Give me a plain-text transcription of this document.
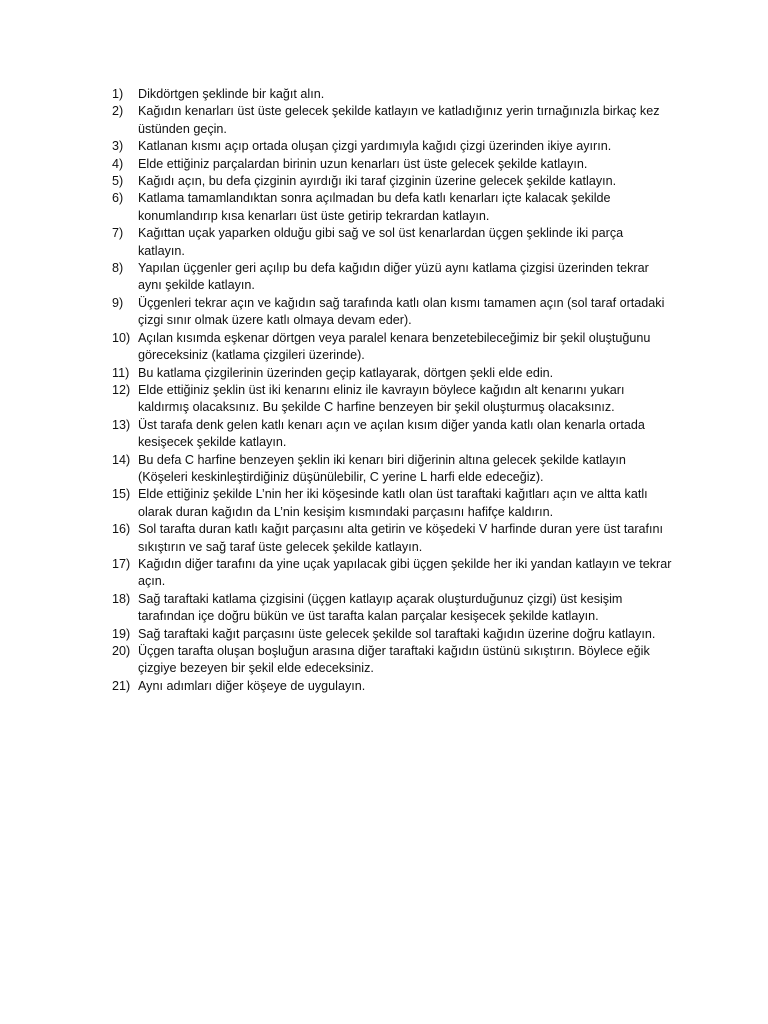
1)	Dikdörtgen şeklinde bir kağıt alın.
2)	Kağıdın kenarları üst üste gelecek şekilde katlayın ve katladığınız yerin tırnağınızla birkaç kez üstünden geçin.
3)	Katlanan kısmı açıp ortada oluşan çizgi yardımıyla kağıdı çizgi üzerinden ikiye ayırın.
4)	Elde ettiğiniz parçalardan birinin uzun kenarları üst üste gelecek şekilde katlayın.
5)	Kağıdı açın, bu defa çizginin ayırdığı iki taraf çizginin üzerine gelecek şekilde katlayın.
6)	Katlama tamamlandıktan sonra açılmadan bu defa katlı kenarları içte kalacak şekilde konumlandırıp kısa kenarları üst üste getirip tekrardan katlayın.
7)	Kağıttan uçak yaparken olduğu gibi sağ ve sol üst kenarlardan üçgen şeklinde iki parça katlayın.
8)	Yapılan üçgenler geri açılıp bu defa kağıdın diğer yüzü aynı katlama çizgisi üzerinden tekrar aynı şekilde katlayın.
9)	Üçgenleri tekrar açın ve kağıdın sağ tarafında katlı olan kısmı tamamen açın (sol taraf ortadaki çizgi sınır olmak üzere katlı olmaya devam eder).
10) Açılan kısımda eşkenar dörtgen veya paralel kenara benzetebileceğimiz bir şekil oluştuğunu göreceksiniz (katlama çizgileri üzerinde).
11) Bu katlama çizgilerinin üzerinden geçip katlayarak, dörtgen şekli elde edin.
12) Elde ettiğiniz şeklin üst iki kenarını eliniz ile kavrayın böylece kağıdın alt kenarını yukarı kaldırmış olacaksınız. Bu şekilde C harfine benzeyen bir şekil oluşturmuş olacaksınız.
13) Üst tarafa denk gelen katlı kenarı açın ve açılan kısım diğer yanda katlı olan kenarla ortada kesişecek şekilde katlayın.
14) Bu defa C harfine benzeyen şeklin iki kenarı biri diğerinin altına gelecek şekilde katlayın (Köşeleri keskinleştirdiğiniz düşünülebilir, C yerine L harfi elde edeceğiz).
15) Elde ettiğiniz şekilde L’nin her iki köşesinde katlı olan üst taraftaki kağıtları açın ve altta katlı olarak duran kağıdın da L’nin kesişim kısmındaki parçasını hafifçe kaldırın.
16) Sol tarafta duran katlı kağıt parçasını alta getirin ve köşedeki V harfinde duran yere üst tarafını sıkıştırın ve sağ taraf üste gelecek şekilde katlayın.
17) Kağıdın diğer tarafını da yine uçak yapılacak gibi üçgen şekilde her iki yandan katlayın ve tekrar açın.
18) Sağ taraftaki katlama çizgisini (üçgen katlayıp açarak oluşturduğunuz çizgi) üst kesişim tarafından içe doğru bükün ve üst tarafta kalan parçalar kesişecek şekilde katlayın.
19) Sağ taraftaki kağıt parçasını üste gelecek şekilde sol taraftaki kağıdın üzerine doğru katlayın.
20) Üçgen tarafta oluşan boşluğun arasına diğer taraftaki kağıdın üstünü sıkıştırın. Böylece eğik çizgiye bezeyen bir şekil elde edeceksiniz.
21) Aynı adımları diğer köşeye de uygulayın.
